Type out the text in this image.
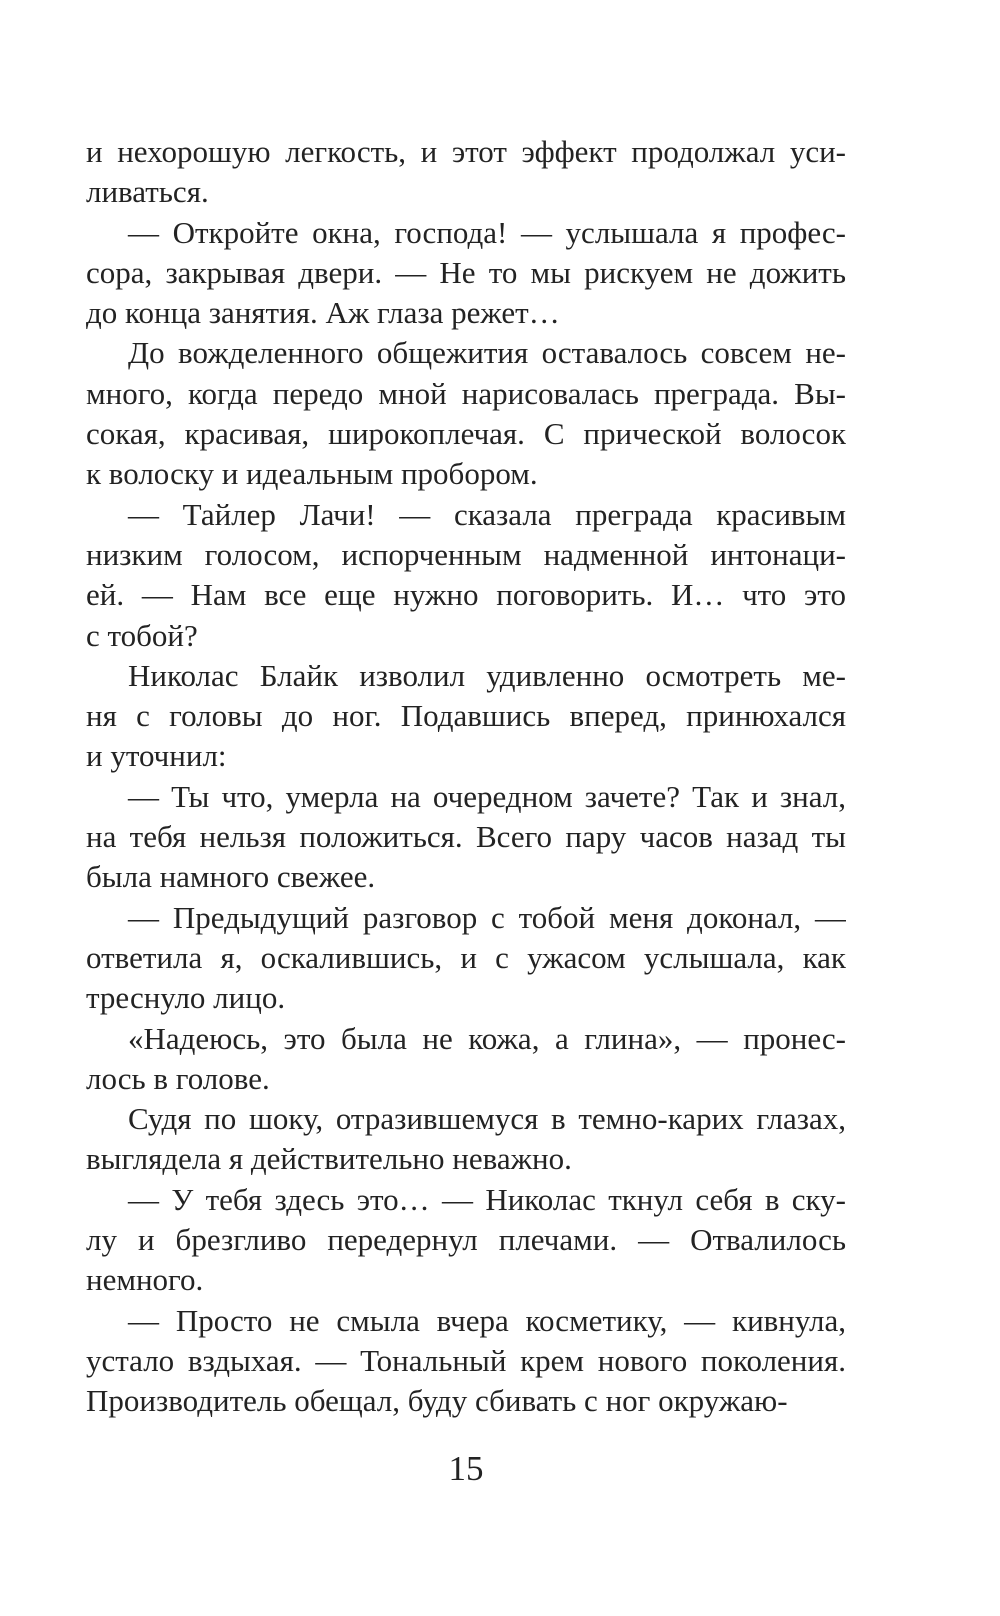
и нехорошую легкость, и этот эффект продолжал уси-
ливаться.
— Откройте окна, господа! — услышала я профес-
сора, закрывая двери. — Не то мы рискуем не дожить
до конца занятия. Аж глаза режет…
До вожделенного общежития оставалось совсем не-
много, когда передо мной нарисовалась преграда. Вы-
сокая, красивая, широкоплечая. С прической волосок
к волоску и идеальным пробором.
— Тайлер Лачи! — сказала преграда красивым
низким голосом, испорченным надменной интонаци-
ей. — Нам все еще нужно поговорить. И… что это
с тобой?
Николас Блайк изволил удивленно осмотреть ме-
ня с головы до ног. Подавшись вперед, принюхался
и уточнил:
— Ты что, умерла на очередном зачете? Так и знал,
на тебя нельзя положиться. Всего пару часов назад ты
была намного свежее.
— Предыдущий разговор с тобой меня доконал, —
ответила я, оскалившись, и с ужасом услышала, как
треснуло лицо.
«Надеюсь, это была не кожа, а глина», — пронес-
лось в голове.
Судя по шоку, отразившемуся в темно-карих глазах,
выглядела я действительно неважно.
— У тебя здесь это… — Николас ткнул себя в ску-
лу и брезгливо передернул плечами. — Отвалилось
немного.
— Просто не смыла вчера косметику, — кивнула,
устало вздыхая. — Тональный крем нового поколения.
Производитель обещал, буду сбивать с ног окружаю-
15
